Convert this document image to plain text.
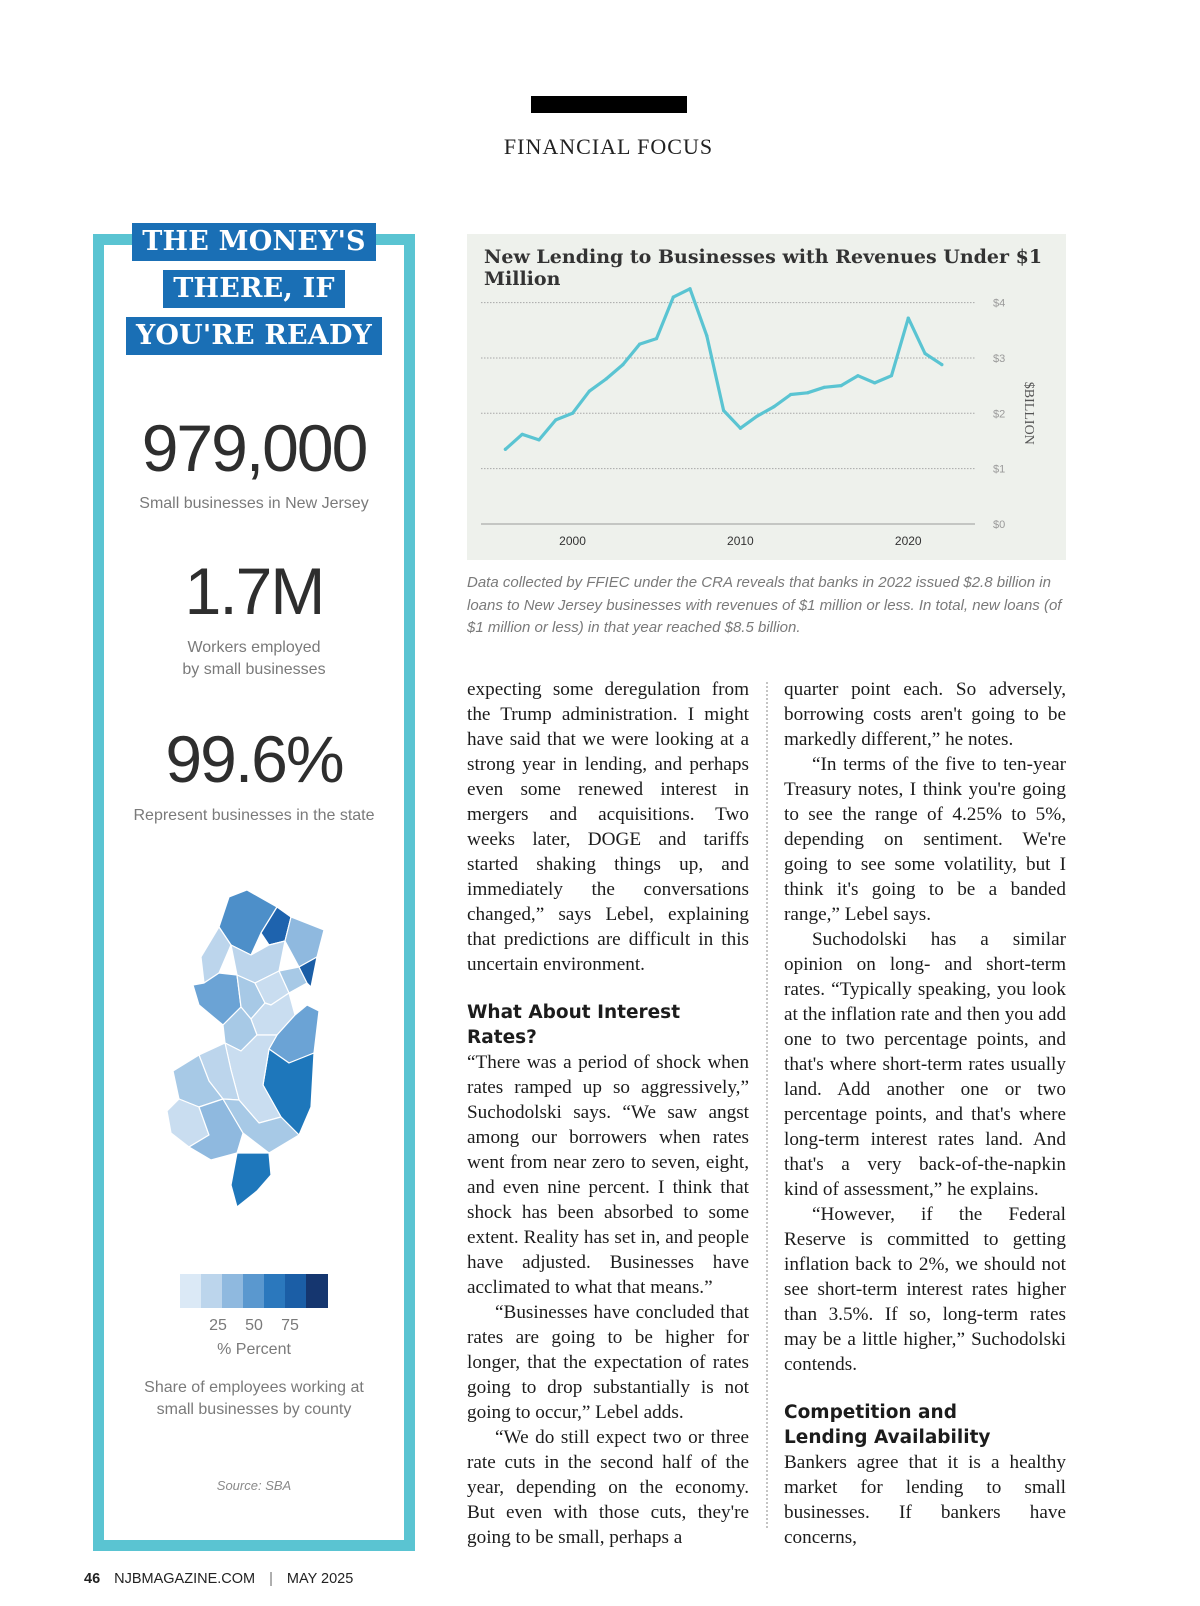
FINANCIAL FOCUS
THE MONEY'S
THERE, IF
YOU'RE READY
979,000
Small businesses in New Jersey
1.7M
Workers employed
by small businesses
99.6%
Represent businesses in the state
25 50 75
% Percent
Share of employees working at
small businesses by county
Source: SBA
New Lending to Businesses with Revenues Under $1 Million
$0
$1
$2
$3
$4
2000	2010	2020
$BILLION
Data collected by FFIEC under the CRA reveals that banks in 2022 issued $2.8 billion in loans to New Jersey businesses with revenues of $1 million or less. In total, new loans (of $1 million or less) in that year reached $8.5 billion.

expecting some deregulation from the Trump administration. I might have said that we were looking at a strong year in lending, and perhaps even some renewed interest in mergers and acquisitions. Two weeks later, DOGE and tariffs started shaking things up, and immediately the conversations changed,” says Lebel, explaining that predictions are difficult in this uncertain environment.

What About Interest Rates?

“There was a period of shock when rates ramped up so aggressively,” Suchodolski says. “We saw angst among our borrowers when rates went from near zero to seven, eight, and even nine percent. I think that shock has been absorbed to some extent. Reality has set in, and people have adjusted. Businesses have acclimated to what that means.”

“Businesses have concluded that rates are going to be higher for longer, that the expectation of rates going to drop substantially is not going to occur,” Lebel adds.

“We do still expect two or three rate cuts in the second half of the year, depending on the economy. But even with those cuts, they're going to be small, perhaps a

quarter point each. So adversely, borrowing costs aren't going to be markedly different,” he notes.

“In terms of the five to ten-year Treasury notes, I think you're going to see the range of 4.25% to 5%, depending on sentiment. We're going to see some volatility, but I think it's going to be a banded range,” Lebel says.

Suchodolski has a similar opinion on long- and short-term rates. “Typically speaking, you look at the inflation rate and then you add one to two percentage points, and that's where short-term rates usually land. Add another one or two percentage points, and that's where long-term interest rates land. And that's a very back-of-the-napkin kind of assessment,” he explains.

“However, if the Federal Reserve is committed to getting inflation back to 2%, we should not see short-term interest rates higher than 3.5%. If so, long-term rates may be a little higher,” Suchodolski contends.

Competition and
Lending Availability

Bankers agree that it is a healthy market for lending to small businesses. If bankers have concerns,

46 NJBMAGAZINE.COM | MAY 2025
